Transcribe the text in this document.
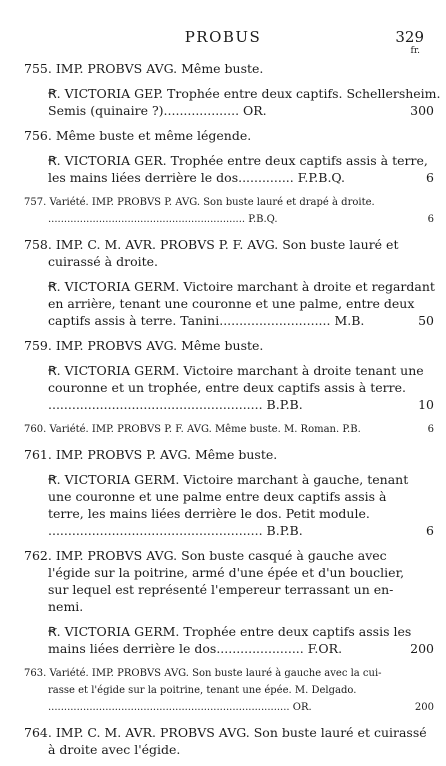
PROBUS	329
fr.
755. IMP. PROBVS AVG. Même buste.
Ꞧ. VICTORIA GEP. Trophée entre deux captifs. Schellersheim.
Semis (quinaire ?)................... OR.	300
756. Même buste et même légende.
Ꞧ. VICTORIA GER. Trophée entre deux captifs assis à terre,
les mains liées derrière le dos.............. F.P.B.Q.	6
757. Variété. IMP. PROBVS P. AVG. Son buste lauré et drapé à droite.
.............................................................. P.B.Q.	6
758. IMP. C. M. AVR. PROBVS P. F. AVG. Son buste lauré et
cuirassé à droite.
Ꞧ. VICTORIA GERM. Victoire marchant à droite et regardant
en arrière, tenant une couronne et une palme, entre deux
captifs assis à terre. Tanini............................ M.B.	50
759. IMP. PROBVS AVG. Même buste.
Ꞧ. VICTORIA GERM. Victoire marchant à droite tenant une
couronne et un trophée, entre deux captifs assis à terre.
...................................................... B.P.B.	10
760. Variété. IMP. PROBVS P. F. AVG. Même buste. M. Roman. P.B.	6
761. IMP. PROBVS P. AVG. Même buste.
Ꞧ. VICTORIA GERM. Victoire marchant à gauche, tenant
une couronne et une palme entre deux captifs assis à
terre, les mains liées derrière le dos. Petit module.
...................................................... B.P.B.	6
762. IMP. PROBVS AVG. Son buste casqué à gauche avec
l'égide sur la poitrine, armé d'une épée et d'un bouclier,
sur lequel est représenté l'empereur terrassant un en-
nemi.
Ꞧ. VICTORIA GERM. Trophée entre deux captifs assis les
mains liées derrière le dos...................... F.OR.	200
763. Variété. IMP. PROBVS AVG. Son buste lauré à gauche avec la cui-
rasse et l'égide sur la poitrine, tenant une épée. M. Delgado.
............................................................................ OR.	200
764. IMP. C. M. AVR. PROBVS AVG. Son buste lauré et cuirassé
à droite avec l'égide.
